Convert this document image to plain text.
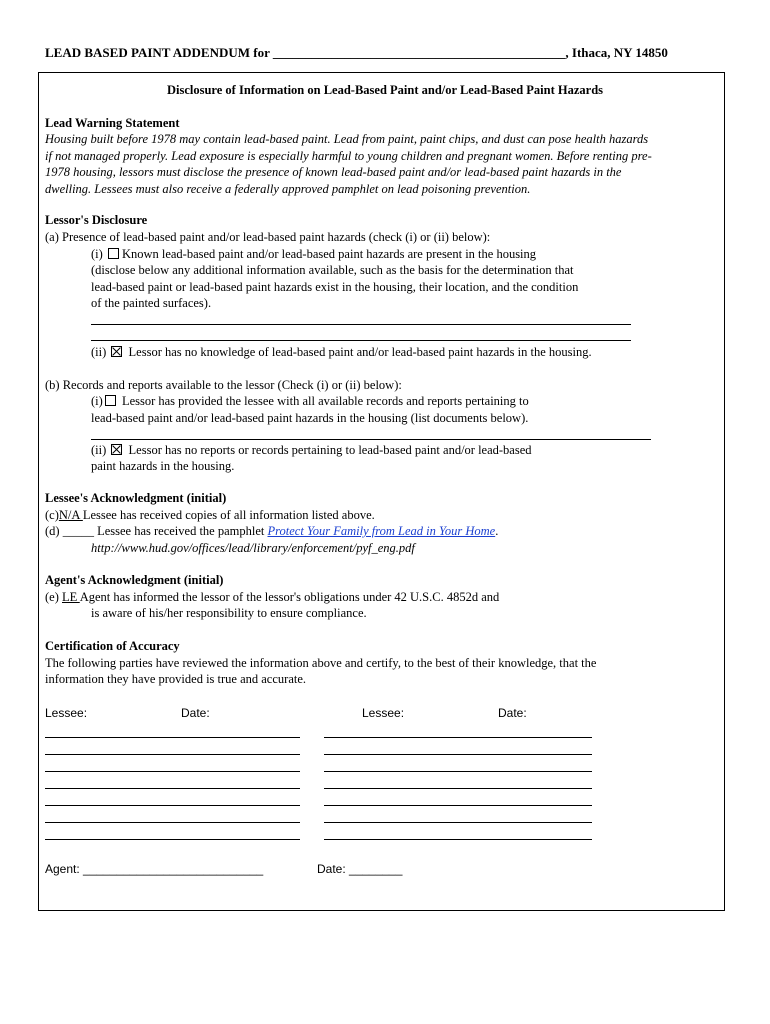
LEAD BASED PAINT ADDENDUM for _____________________________________________, Ithaca, NY 14850
Disclosure of Information on Lead-Based Paint and/or Lead-Based Paint Hazards
Lead Warning Statement
Housing built before 1978 may contain lead-based paint. Lead from paint, paint chips, and dust can pose health hazards
if not managed properly. Lead exposure is especially harmful to young children and pregnant women. Before renting pre-
1978 housing, lessors must disclose the presence of known lead-based paint and/or lead-based paint hazards in the
dwelling. Lessees must also receive a federally approved pamphlet on lead poisoning prevention.
Lessor's Disclosure
(a) Presence of lead-based paint and/or lead-based paint hazards (check (i) or (ii) below):
(i) Known lead-based paint and/or lead-based paint hazards are present in the housing
(disclose below any additional information available, such as the basis for the determination that
lead-based paint or lead-based paint hazards exist in the housing, their location, and the condition
of the painted surfaces).
(ii)  Lessor has no knowledge of lead-based paint and/or lead-based paint hazards in the housing.
(b) Records and reports available to the lessor (Check (i) or (ii) below):
(i) Lessor has provided the lessee with all available records and reports pertaining to
lead-based paint and/or lead-based paint hazards in the housing (list documents below).
(ii)  Lessor has no reports or records pertaining to lead-based paint and/or lead-based
paint hazards in the housing.
Lessee's Acknowledgment (initial)
(c)N/A Lessee has received copies of all information listed above.
(d) _____ Lessee has received the pamphlet Protect Your Family from Lead in Your Home.
http://www.hud.gov/offices/lead/library/enforcement/pyf_eng.pdf
Agent's Acknowledgment (initial)
(e) LE Agent has informed the lessor of the lessor's obligations under 42 U.S.C. 4852d and
is aware of his/her responsibility to ensure compliance.
Certification of Accuracy
The following parties have reviewed the information above and certify, to the best of their knowledge, that the
information they have provided is true and accurate.
Lessee:	Date:	Lessee:	Date:
Agent: ___________________________	Date: ________
